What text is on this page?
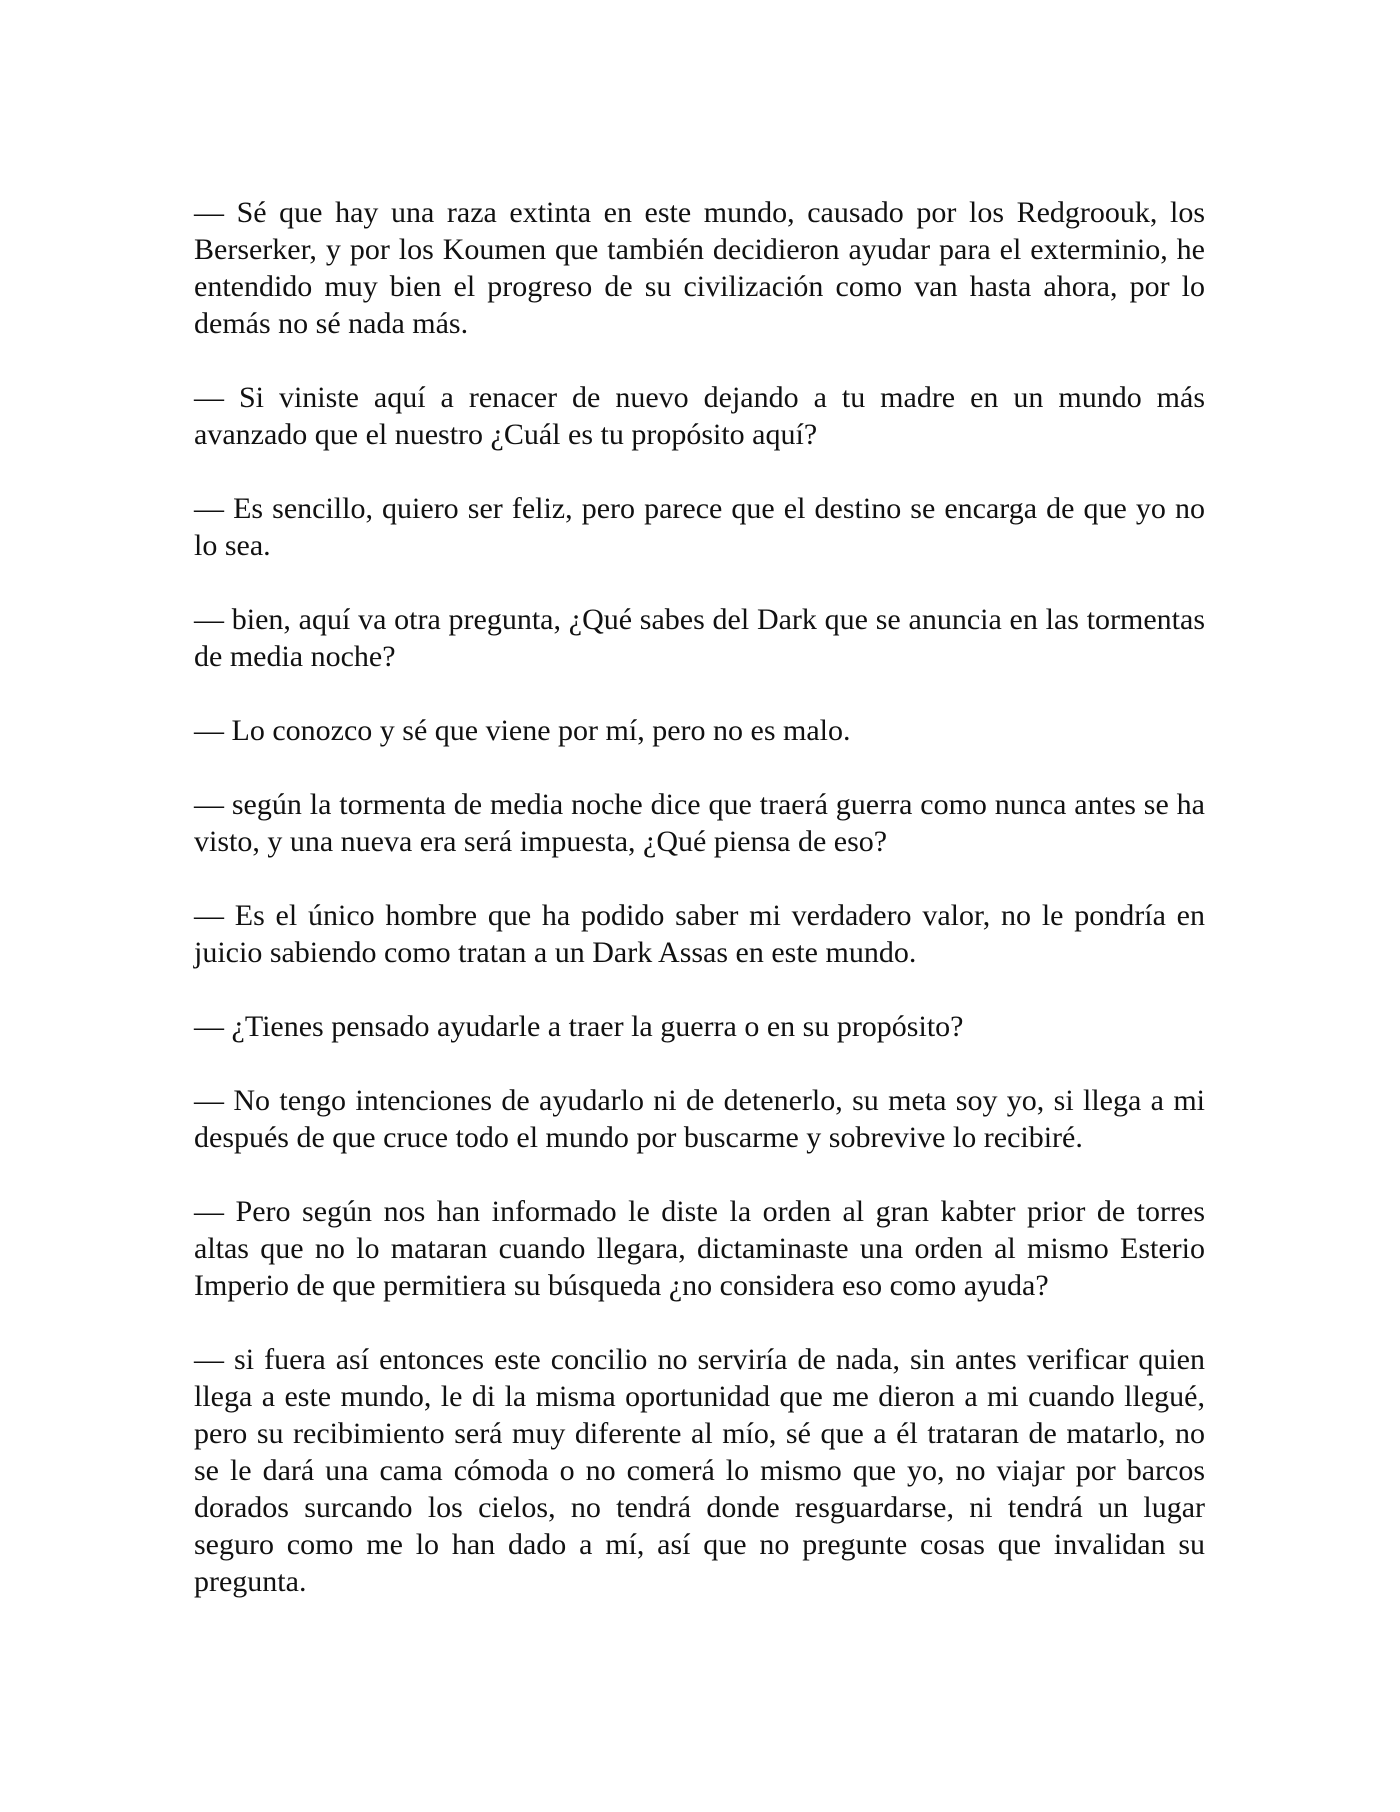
— Sé que hay una raza extinta en este mundo, causado por los Redgroouk, los Berserker, y por los Koumen que también decidieron ayudar para el exterminio, he entendido muy bien el progreso de su civilización como van hasta ahora, por lo demás no sé nada más.

— Si viniste aquí a renacer de nuevo dejando a tu madre en un mundo más avanzado que el nuestro ¿Cuál es tu propósito aquí?

— Es sencillo, quiero ser feliz, pero parece que el destino se encarga de que yo no lo sea.

— bien, aquí va otra pregunta, ¿Qué sabes del Dark que se anuncia en las tormentas de media noche?

— Lo conozco y sé que viene por mí, pero no es malo.

— según la tormenta de media noche dice que traerá guerra como nunca antes se ha visto, y una nueva era será impuesta, ¿Qué piensa de eso?

— Es el único hombre que ha podido saber mi verdadero valor, no le pondría en juicio sabiendo como tratan a un Dark Assas en este mundo.

— ¿Tienes pensado ayudarle a traer la guerra o en su propósito?

— No tengo intenciones de ayudarlo ni de detenerlo, su meta soy yo, si llega a mi después de que cruce todo el mundo por buscarme y sobrevive lo recibiré.

— Pero según nos han informado le diste la orden al gran kabter prior de torres altas que no lo mataran cuando llegara, dictaminaste una orden al mismo Esterio Imperio de que permitiera su búsqueda ¿no considera eso como ayuda?

— si fuera así entonces este concilio no serviría de nada, sin antes verificar quien llega a este mundo, le di la misma oportunidad que me dieron a mi cuando llegué, pero su recibimiento será muy diferente al mío, sé que a él trataran de matarlo, no se le dará una cama cómoda o no comerá lo mismo que yo, no viajar por barcos dorados surcando los cielos, no tendrá donde resguardarse, ni tendrá un lugar seguro como me lo han dado a mí, así que no pregunte cosas que invalidan su pregunta.
